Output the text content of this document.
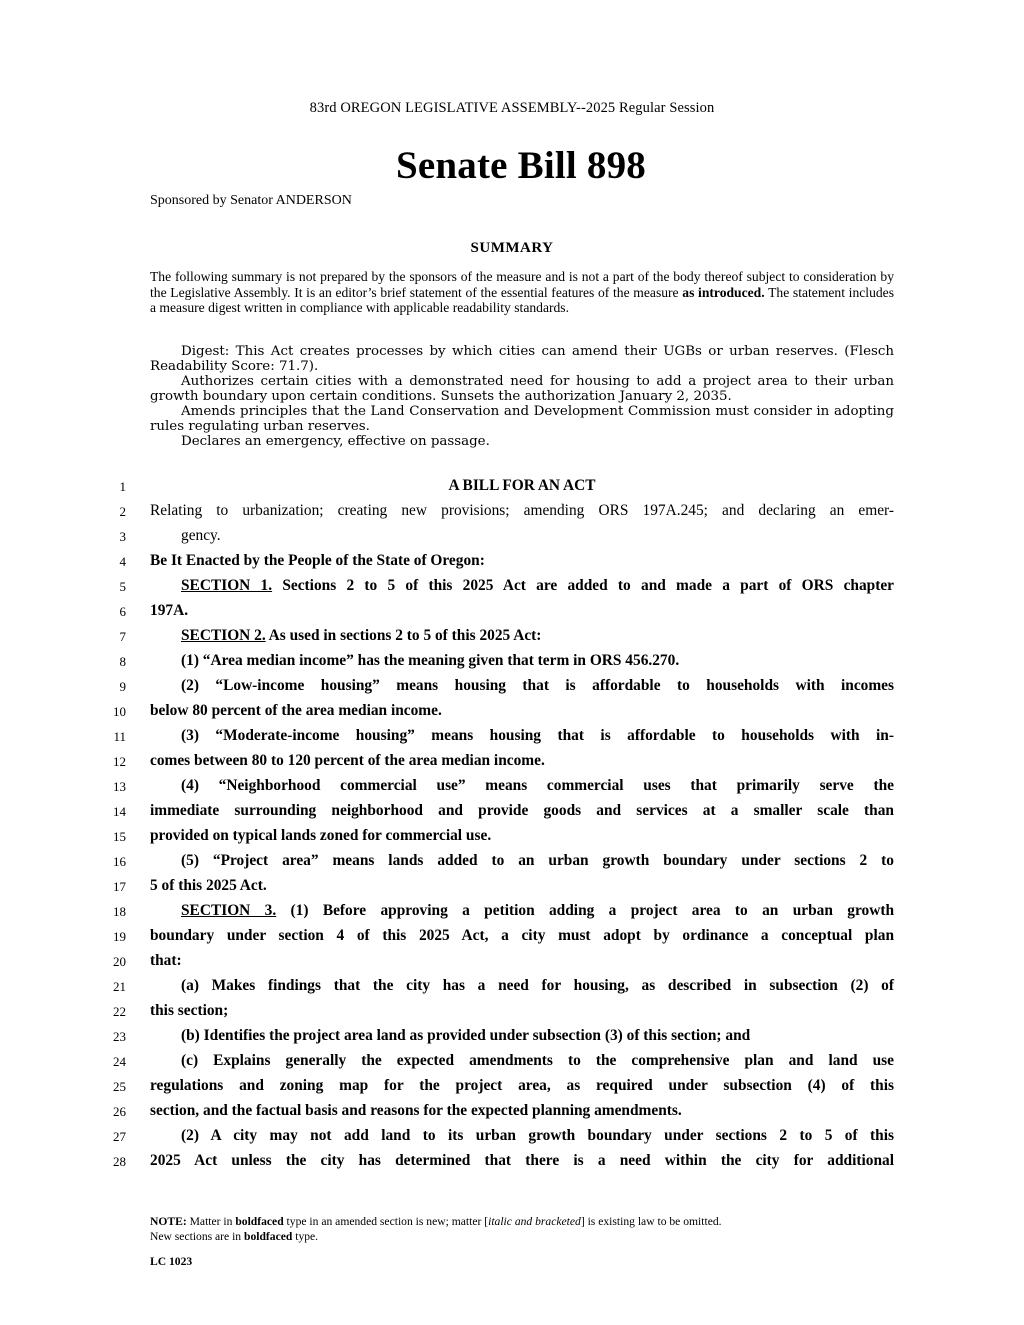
83rd OREGON LEGISLATIVE ASSEMBLY--2025 Regular Session
Senate Bill 898
Sponsored by Senator ANDERSON
SUMMARY
The following summary is not prepared by the sponsors of the measure and is not a part of the body thereof subject to consideration by the Legislative Assembly. It is an editor’s brief statement of the essential features of the measure as introduced. The statement includes a measure digest written in compliance with applicable readability standards.

Digest: This Act creates processes by which cities can amend their UGBs or urban reserves. (Flesch Readability Score: 71.7).

Authorizes certain cities with a demonstrated need for housing to add a project area to their urban growth boundary upon certain conditions. Sunsets the authorization January 2, 2035.

Amends principles that the Land Conservation and Development Commission must consider in adopting rules regulating urban reserves.

Declares an emergency, effective on passage.

1	A BILL FOR AN ACT
2 Relating to urbanization; creating new provisions; amending ORS 197A.245; and declaring an emer-
3	gency.
4 Be It Enacted by the People of the State of Oregon:
5	SECTION 1. Sections 2 to 5 of this 2025 Act are added to and made a part of ORS chapter
6 197A.
7	SECTION 2. As used in sections 2 to 5 of this 2025 Act:
8	(1) “Area median income” has the meaning given that term in ORS 456.270.
9	(2) “Low-income housing” means housing that is affordable to households with incomes
10 below 80 percent of the area median income.
11	(3) “Moderate-income housing” means housing that is affordable to households with in-
12 comes between 80 to 120 percent of the area median income.
13	(4) “Neighborhood commercial use” means commercial uses that primarily serve the
14 immediate surrounding neighborhood and provide goods and services at a smaller scale than
15 provided on typical lands zoned for commercial use.
16	(5) “Project area” means lands added to an urban growth boundary under sections 2 to
17 5 of this 2025 Act.
18	SECTION 3. (1) Before approving a petition adding a project area to an urban growth
19 boundary under section 4 of this 2025 Act, a city must adopt by ordinance a conceptual plan
20 that:
21	(a) Makes findings that the city has a need for housing, as described in subsection (2) of
22 this section;
23	(b) Identifies the project area land as provided under subsection (3) of this section; and
24	(c) Explains generally the expected amendments to the comprehensive plan and land use
25 regulations and zoning map for the project area, as required under subsection (4) of this
26 section, and the factual basis and reasons for the expected planning amendments.
27	(2) A city may not add land to its urban growth boundary under sections 2 to 5 of this
28 2025 Act unless the city has determined that there is a need within the city for additional
NOTE: Matter in boldfaced type in an amended section is new; matter [italic and bracketed] is existing law to be omitted.
New sections are in boldfaced type.
LC 1023
